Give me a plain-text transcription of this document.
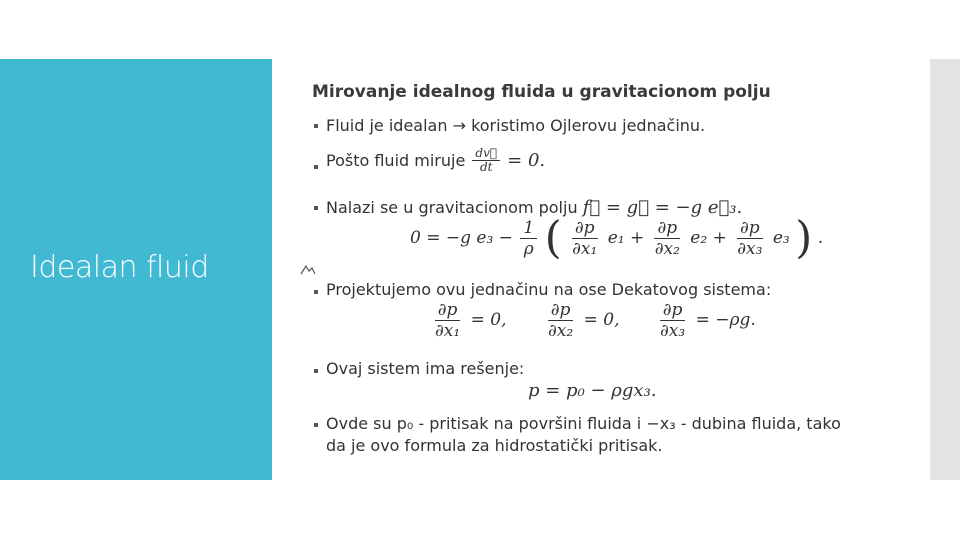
Idealan fluid
Mirovanje idealnog fluida u gravitacionom polju
Fluid je idealan → koristimo Ojlerovu jednačinu.
Pošto fluid miruje $\frac{dv⃗}{dt} = 0$.
Nalazi se u gravitacionom polju f⃗ = g⃗ = −g e⃗₃.
0 = −g $e_3 - \frac{1}{\rho}$ ( $\frac{\partial p}{\text{∂x₁}} e_1 + \frac{\partial p}{\text{∂x₂}} e_2 + \frac{\partial p}{\text{∂x₃}} e_3$ ) .
Projektujemo ovu jednačinu na ose Dekatovog sistema:
$\frac{\partial p}{\text{∂x₁}} = 0$, $\frac{\partial p}{\text{∂x₂}} = 0$, $\frac{\partial p}{\text{∂x₃}} = -\rho g$.
Ovaj sistem ima rešenje:
p = p₀ − ρgx₃.
Ovde su p₀ - pritisak na površini fluida i −x₃ - dubina fluida, tako
da je ovo formula za hidrostatički pritisak.
